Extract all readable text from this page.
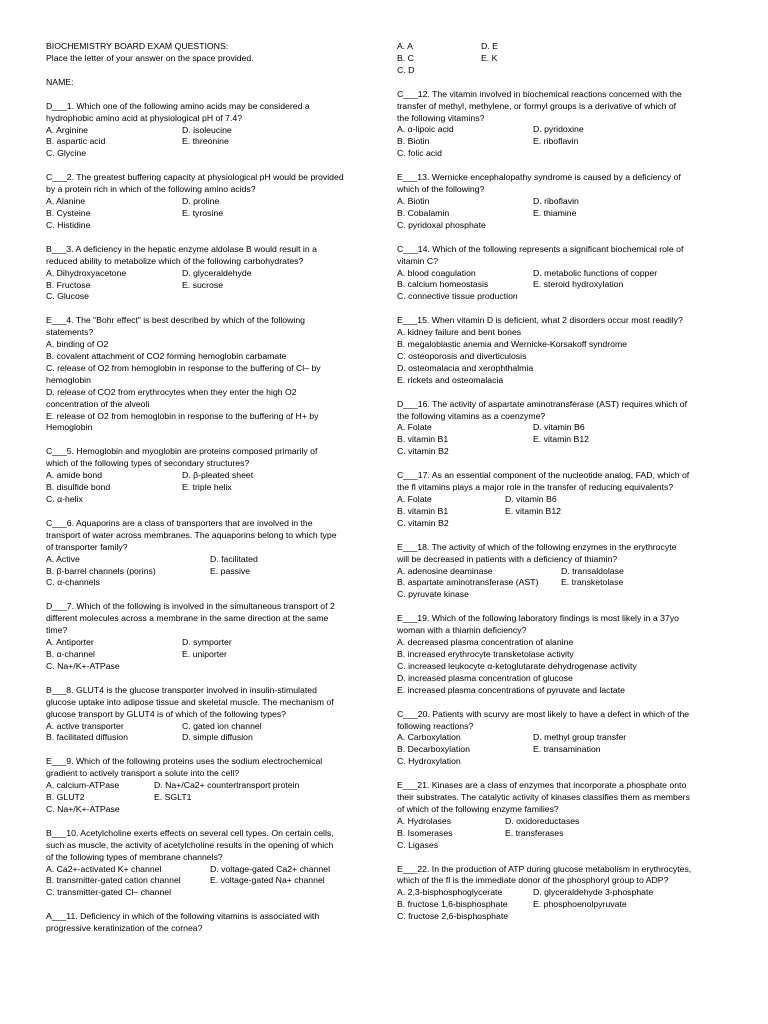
BIOCHEMISTRY BOARD EXAM QUESTIONS:
Place the letter of your answer on the space provided.
NAME:
D___1. Which one of the following amino acids may be considered a
hydrophobic amino acid at physiological pH of 7.4?
A. Arginine	D. isoleucine
B. aspartic acid	E. threonine
C. Glycine
C___2. The greatest buffering capacity at physiological pH would be provided
by a protein rich in which of the following amino acids?
A. Alanine	D. proline
B. Cysteine	E. tyrosine
C. Histidine
B___3. A deficiency in the hepatic enzyme aldolase B would result in a
reduced ability to metabolize which of the following carbohydrates?
A. Dihydroxyacetone	D. glyceraldehyde
B. Fructose	E. sucrose
C. Glucose
E___4. The “Bohr effect” is best described by which of the following
statements?
A. binding of O2
B. covalent attachment of CO2 forming hemoglobin carbamate
C. release of O2 from hemoglobin in response to the buffering of Cl– by
hemoglobin
D. release of CO2 from erythrocytes when they enter the high O2
concentration of the alveoli
E. release of O2 from hemoglobin in response to the buffering of H+ by
Hemoglobin
C___5. Hemoglobin and myoglobin are proteins composed primarily of
which of the following types of secondary structures?
A. amide bond	D. β-pleated sheet
B. disulfide bond	E. triple helix
C. α-helix
C___6. Aquaporins are a class of transporters that are involved in the
transport of water across membranes. The aquaporins belong to which type
of transporter family?
A. Active	D. facilitated
B. β-barrel channels (porins)	E. passive
C. α-channels
D___7. Which of the following is involved in the simultaneous transport of 2
different molecules across a membrane in the same direction at the same
time?
A. Antiporter	D. symporter
B. α-channel	E. uniporter
C. Na+/K+-ATPase
B___8. GLUT4 is the glucose transporter involved in insulin-stimulated
glucose uptake into adipose tissue and skeletal muscle. The mechanism of
glucose transport by GLUT4 is of which of the following types?
A. active transporter	C. gated ion channel
B. facilitated diffusion	D. simple diffusion
E___9. Which of the following proteins uses the sodium electrochemical
gradient to actively transport a solute into the cell?
A. calcium-ATPase	D. Na+/Ca2+ countertransport protein
B. GLUT2	E. SGLT1
C. Na+/K+-ATPase
B___10. Acetylcholine exerts effects on several cell types. On certain cells,
such as muscle, the activity of acetylcholine results in the opening of which
of the following types of membrane channels?
A. Ca2+-activated K+ channel	D. voltage-gated Ca2+ channel
B. transmitter-gated cation channel	E. voltage-gated Na+ channel
C. transmitter-gated Cl– channel
A___11. Deficiency in which of the following vitamins is associated with
progressive keratinization of the cornea?
A. A	D. E
B. C	E. K
C. D
C___12. The vitamin involved in biochemical reactions concerned with the
transfer of methyl, methylene, or formyl groups is a derivative of which of
the following vitamins?
A. α-lipoic acid	D. pyridoxine
B. Biotin	E. riboflavin
C. folic acid
E___13. Wernicke encephalopathy syndrome is caused by a deficiency of
which of the following?
A. Biotin	D. riboflavin
B. Cobalamin	E. thiamine
C. pyridoxal phosphate
C___14. Which of the following represents a significant biochemical role of
vitamin C?
A. blood coagulation	D. metabolic functions of copper
B. calcium homeostasis	E. steroid hydroxylation
C. connective tissue production
E___15. When vitamin D is deficient, what 2 disorders occur most readily?
A. kidney failure and bent bones
B. megaloblastic anemia and Wernicke-Korsakoff syndrome
C. osteoporosis and diverticulosis
D. osteomalacia and xerophthalmia
E. rickets and osteomalacia
D___16. The activity of aspartate aminotransferase (AST) requires which of
the following vitamins as a coenzyme?
A. Folate	D. vitamin B6
B. vitamin B1	E. vitamin B12
C. vitamin B2
C___17. As an essential component of the nucleotide analog, FAD, which of
the fl vitamins plays a major role in the transfer of reducing equivalents?
A. Folate	D. vitamin B6
B. vitamin B1	E. vitamin B12
C. vitamin B2
E___18. The activity of which of the following enzymes in the erythrocyte
will be decreased in patients with a deficiency of thiamin?
A. adenosine deaminase	D. transaldolase
B. aspartate aminotransferase (AST)	E. transketolase
C. pyruvate kinase
E___19. Which of the following laboratory findings is most likely in a 37yo
woman with a thiamin deficiency?
A. decreased plasma concentration of alanine
B. increased erythrocyte transketolase activity
C. increased leukocyte α-ketoglutarate dehydrogenase activity
D. increased plasma concentration of glucose
E. increased plasma concentrations of pyruvate and lactate
C___20. Patients with scurvy are most likely to have a defect in which of the
following reactions?
A. Carboxylation	D. methyl group transfer
B. Decarboxylation	E. transamination
C. Hydroxylation
E___21. Kinases are a class of enzymes that incorporate a phosphate onto
their substrates. The catalytic activity of kinases classifies them as members
of which of the following enzyme families?
A. Hydrolases	D. oxidoreductases
B. Isomerases	E. transferases
C. Ligases
E___22. In the production of ATP during glucose metabolism in erythrocytes,
which of the fl is the immediate donor of the phosphoryl group to ADP?
A. 2,3-bisphosphoglycerate	D. glyceraldehyde 3-phosphate
B. fructose 1,6-bisphosphate	E. phosphoenolpyruvate
C. fructose 2,6-bisphosphate
